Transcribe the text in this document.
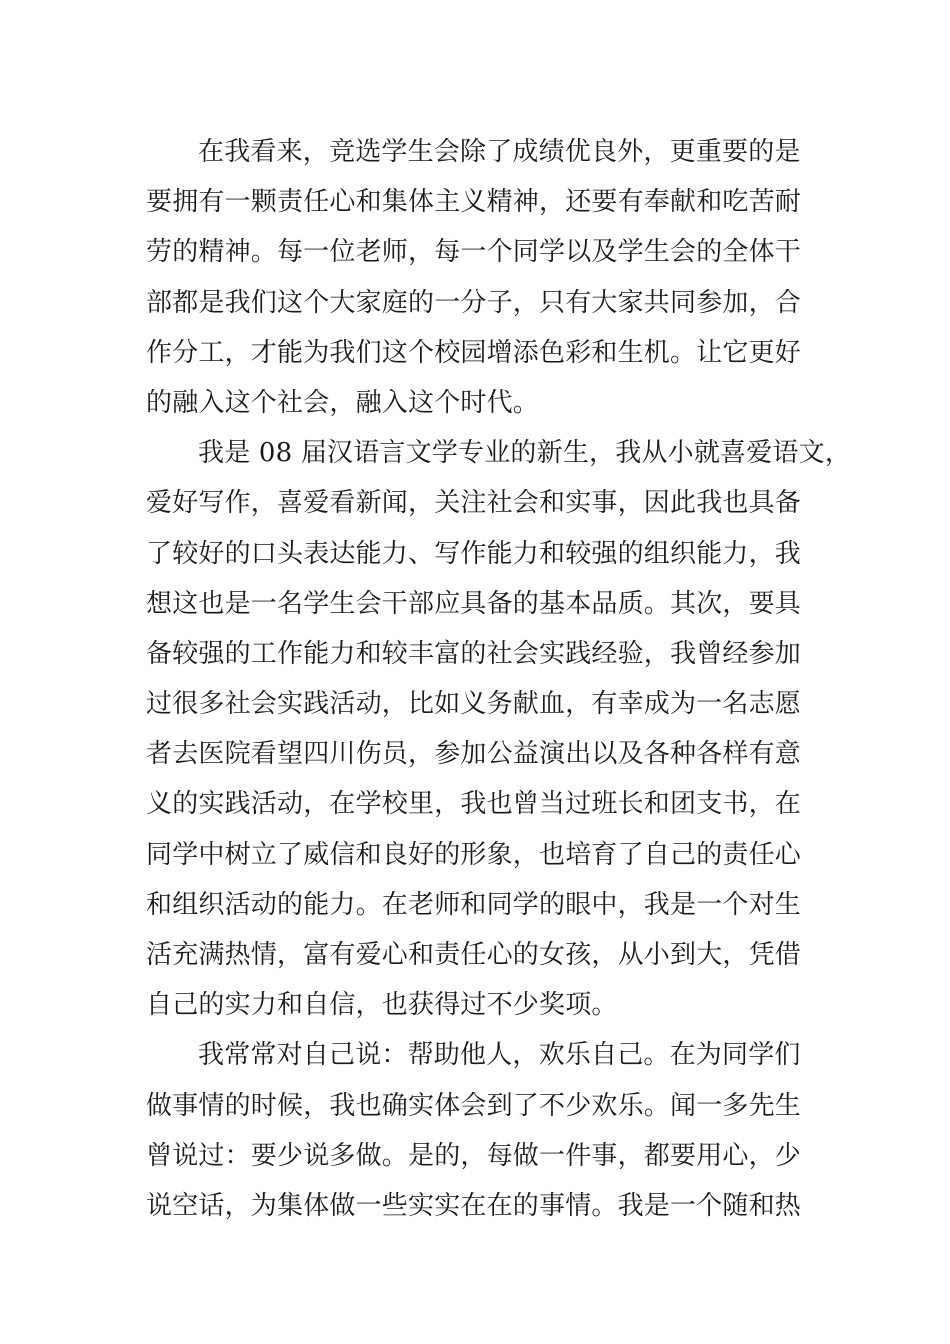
在我看来，竞选学生会除了成绩优良外，更重要的是
要拥有一颗责任心和集体主义精神，还要有奉献和吃苦耐
劳的精神。每一位老师，每一个同学以及学生会的全体干
部都是我们这个大家庭的一分子，只有大家共同参加，合
作分工，才能为我们这个校园增添色彩和生机。让它更好
的融入这个社会，融入这个时代。
我是 08 届汉语言文学专业的新生，我从小就喜爱语文，
爱好写作，喜爱看新闻，关注社会和实事，因此我也具备
了较好的口头表达能力、写作能力和较强的组织能力，我
想这也是一名学生会干部应具备的基本品质。其次，要具
备较强的工作能力和较丰富的社会实践经验，我曾经参加
过很多社会实践活动，比如义务献血，有幸成为一名志愿
者去医院看望四川伤员，参加公益演出以及各种各样有意
义的实践活动，在学校里，我也曾当过班长和团支书，在
同学中树立了威信和良好的形象，也培育了自己的责任心
和组织活动的能力。在老师和同学的眼中，我是一个对生
活充满热情，富有爱心和责任心的女孩，从小到大，凭借
自己的实力和自信，也获得过不少奖项。
我常常对自己说：帮助他人，欢乐自己。在为同学们
做事情的时候，我也确实体会到了不少欢乐。闻一多先生
曾说过：要少说多做。是的，每做一件事，都要用心，少
说空话，为集体做一些实实在在的事情。我是一个随和热
